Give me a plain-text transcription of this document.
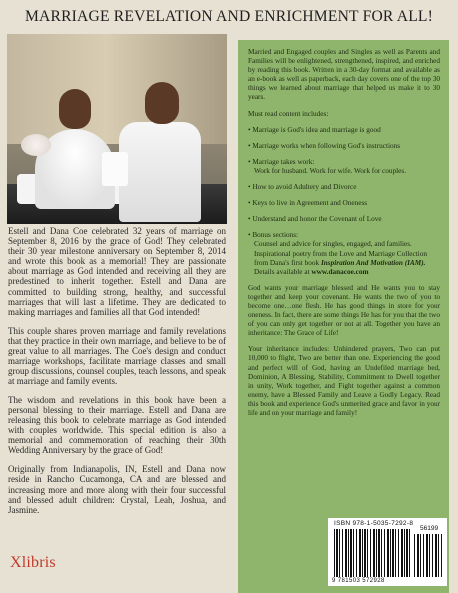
MARRIAGE REVELATION AND ENRICHMENT FOR ALL!

Estell and Dana Coe celebrated 32 years of marriage on September 8, 2016 by the grace of God! They celebrated their 30 year milestone anniversary on September 8, 2014 and wrote this book as a memorial! They are passionate about marriage as God intended and receiving all they are predestined to inherit together. Estell and Dana are committed to building strong, healthy, and successful marriages that will last a lifetime. They are dedicated to making marriages and families all that God intended!

This couple shares proven marriage and family revelations that they practice in their own marriage, and believe to be of great value to all marriages. The Coe's design and conduct marriage workshops, facilitate marriage classes and small group discussions, counsel couples, teach lessons, and speak at marriage and family events.

The wisdom and revelations in this book have been a personal blessing to their marriage. Estell and Dana are releasing this book to celebrate marriage as God intended with couples worldwide. This special edition is also a memorial and commemoration of reaching their 30th Wedding Anniversary by the grace of God!

Originally from Indianapolis, IN, Estell and Dana now reside in Rancho Cucamonga, CA and are blessed and increasing more and more along with their four successful and blessed adult children: Crystal, Leah, Joshua, and Jasmine.

Married and Engaged couples and Singles as well as Parents and Families will be enlightened, strengthened, inspired, and enriched by reading this book. Written in a 30-day format and available as an e-book as well as paperback, each day covers one of the top 30 things we learned about marriage that helped us make it to 30 years.

Must read content includes:
• Marriage is God's idea and marriage is good
• Marriage works when following God's instructions
• Marriage takes work:
Work for husband. Work for wife. Work for couples.
• How to avoid Adultery and Divorce
• Keys to live in Agreement and Oneness
• Understand and honor the Covenant of Love
• Bonus sections:
Counsel and advice for singles, engaged, and families.
Inspirational poetry from the Love and Marriage Collection from Dana's first book Inspiration And Motivation (IAM).
Details available at www.danacoe.com

God wants your marriage blessed and He wants you to stay together and keep your covenant. He wants the two of you to become one…one flesh. He has good things in store for your oneness. In fact, there are some things He has for you that the two of you can only get together or not at all. Together you have an inheritance: The Grace of Life!

Your inheritance includes: Unhindered prayers, Two can put 10,000 to flight, Two are better than one. Experiencing the good and perfect will of God, having an Undefiled marriage bed, Dominion, A Blessing, Stability, Commitment to Dwell together in unity, Work together, and Fight together against a common enemy, have a Blessed Family and Leave a Godly Legacy. Read this book and experience God's unmerited grace and favor in your life and on your marriage and family!

ISBN 978-1-5035-7292-8
56199
9 781503 572928
Xlibris
